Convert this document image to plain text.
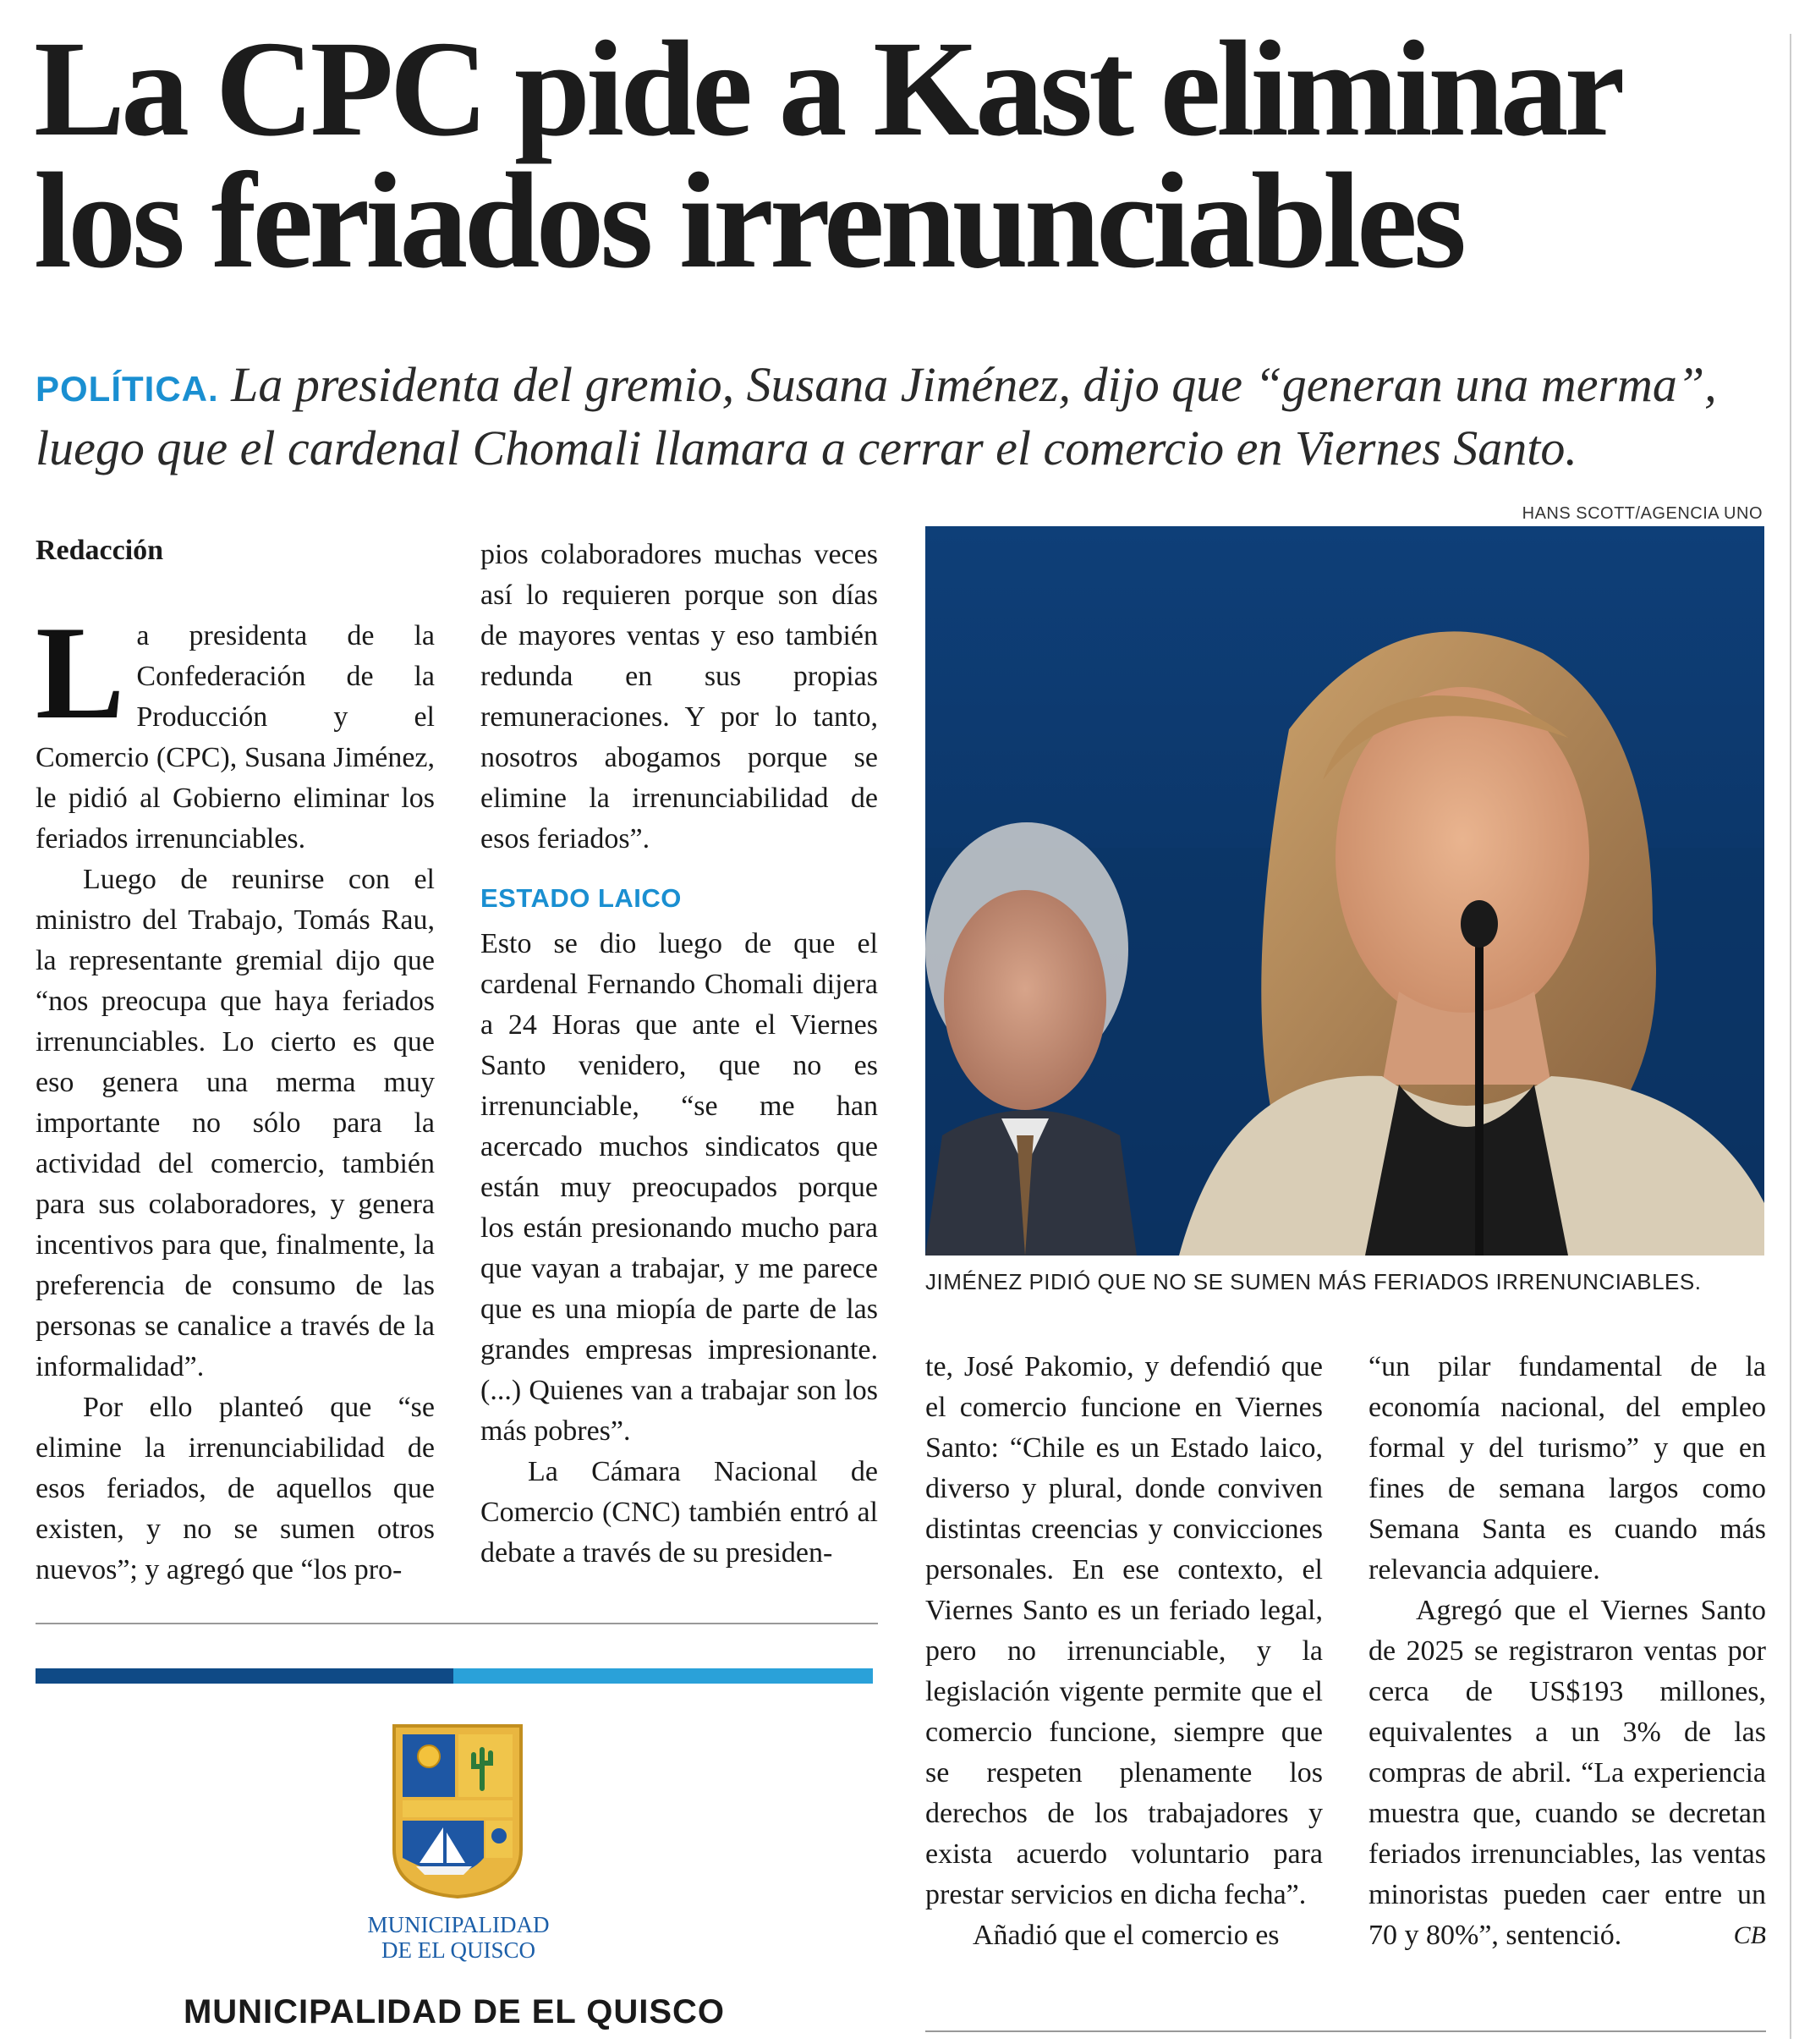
La CPC pide a Kast eliminar
los feriados irrenunciables
POLÍTICA. La presidenta del gremio, Susana Jiménez, dijo que “generan una merma”, luego que el cardenal Chomali llamara a cerrar el comercio en Viernes Santo.
HANS SCOTT/AGENCIA UNO
Redacción

La presidenta de la Confederación de la Producción y el Comercio (CPC), Susana Jiménez, le pidió al Gobierno eliminar los feriados irrenunciables.

Luego de reunirse con el ministro del Trabajo, Tomás Rau, la representante gremial dijo que “nos preocupa que haya feriados irrenunciables. Lo cierto es que eso genera una merma muy importante no sólo para la actividad del comercio, también para sus colaboradores, y genera incentivos para que, finalmente, la preferencia de consumo de las personas se canalice a través de la informalidad”.

Por ello planteó que “se elimine la irrenunciabilidad de esos feriados, de aquellos que existen, y no se sumen otros nuevos”; y agregó que “los pro-

pios colaboradores muchas veces así lo requieren porque son días de mayores ventas y eso también redunda en sus propias remuneraciones. Y por lo tanto, nosotros abogamos porque se elimine la irrenunciabilidad de esos feriados”.

ESTADO LAICO

Esto se dio luego de que el cardenal Fernando Chomali dijera a 24 Horas que ante el Viernes Santo venidero, que no es irrenunciable, “se me han acercado muchos sindicatos que están muy preocupados porque los están presionando mucho para que vayan a trabajar, y me parece que es una miopía de parte de las grandes empresas impresionante. (...) Quienes van a trabajar son los más pobres”.

La Cámara Nacional de Comercio (CNC) también entró al debate a través de su presiden-

JIMÉNEZ PIDIÓ QUE NO SE SUMEN MÁS FERIADOS IRRENUNCIABLES.

te, José Pakomio, y defendió que el comercio funcione en Viernes Santo: “Chile es un Estado laico, diverso y plural, donde conviven distintas creencias y convicciones personales. En ese contexto, el Viernes Santo es un feriado legal, pero no irrenunciable, y la legislación vigente permite que el comercio funcione, siempre que se respeten plenamente los derechos de los trabajadores y exista acuerdo voluntario para prestar servicios en dicha fecha”.

Añadió que el comercio es

“un pilar fundamental de la economía nacional, del empleo formal y del turismo” y que en fines de semana largos como Semana Santa es cuando más relevancia adquiere.

Agregó que el Viernes Santo de 2025 se registraron ventas por cerca de US$193 millones, equivalentes a un 3% de las compras de abril. “La experiencia muestra que, cuando se decretan feriados irrenunciables, las ventas minoristas pueden caer entre un 70 y 80%”, sentenció.	CB

MUNICIPALIDAD
DE EL QUISCO
MUNICIPALIDAD DE EL QUISCO
